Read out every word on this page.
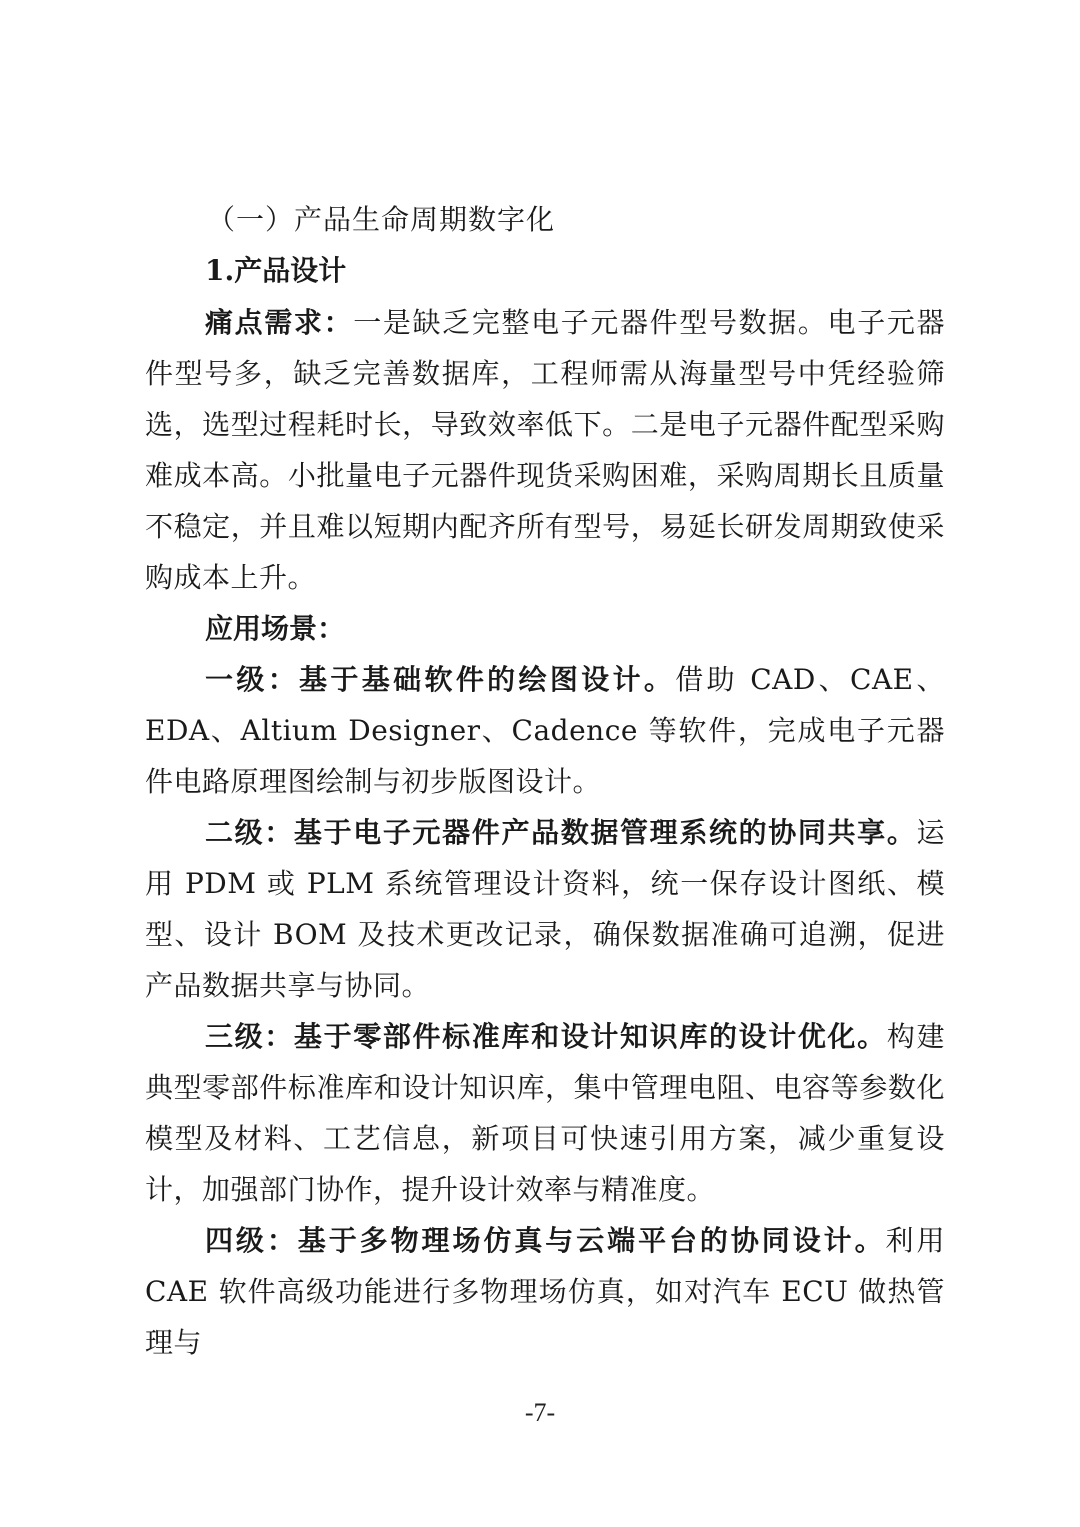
（一）产品生命周期数字化
1.产品设计

痛点需求：一是缺乏完整电子元器件型号数据。电子元器件型号多，缺乏完善数据库，工程师需从海量型号中凭经验筛选，选型过程耗时长，导致效率低下。二是电子元器件配型采购难成本高。小批量电子元器件现货采购困难，采购周期长且质量不稳定，并且难以短期内配齐所有型号，易延长研发周期致使采购成本上升。

应用场景：

一级：基于基础软件的绘图设计。借助 CAD、CAE、EDA、Altium Designer、Cadence 等软件，完成电子元器件电路原理图绘制与初步版图设计。

二级：基于电子元器件产品数据管理系统的协同共享。运用 PDM 或 PLM 系统管理设计资料，统一保存设计图纸、模型、设计 BOM 及技术更改记录，确保数据准确可追溯，促进产品数据共享与协同。

三级：基于零部件标准库和设计知识库的设计优化。构建典型零部件标准库和设计知识库，集中管理电阻、电容等参数化模型及材料、工艺信息，新项目可快速引用方案，减少重复设计，加强部门协作，提升设计效率与精准度。

四级：基于多物理场仿真与云端平台的协同设计。利用 CAE 软件高级功能进行多物理场仿真，如对汽车 ECU 做热管理与

-7-
